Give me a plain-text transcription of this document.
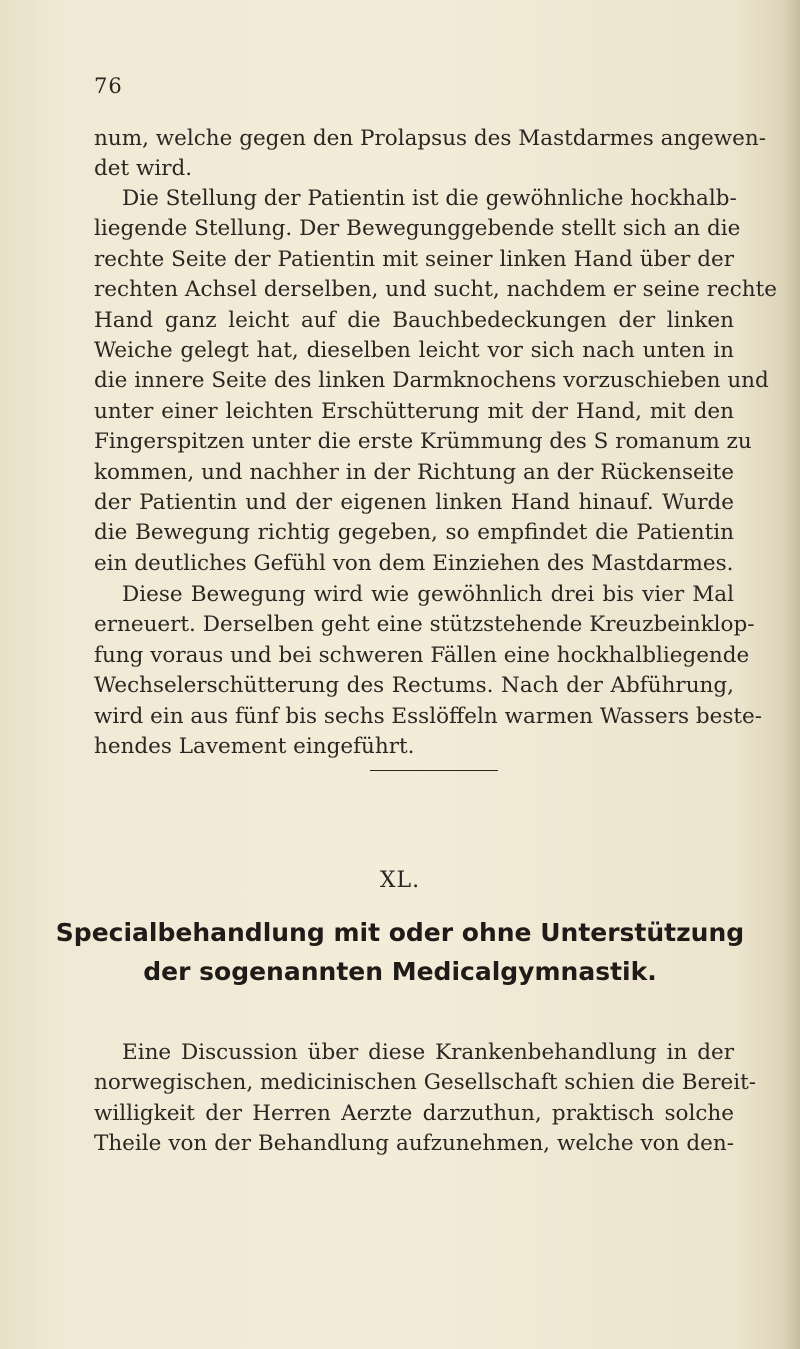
76
num, welche gegen den Prolapsus des Mastdarmes angewen-
det wird.
Die Stellung der Patientin ist die gewöhnliche hockhalb-
liegende Stellung. Der Bewegunggebende stellt sich an die
rechte Seite der Patientin mit seiner linken Hand über der
rechten Achsel derselben, und sucht, nachdem er seine rechte
Hand ganz leicht auf die Bauchbedeckungen der linken
Weiche gelegt hat, dieselben leicht vor sich nach unten in
die innere Seite des linken Darmknochens vorzuschieben und
unter einer leichten Erschütterung mit der Hand, mit den
Fingerspitzen unter die erste Krümmung des S romanum zu
kommen, und nachher in der Richtung an der Rückenseite
der Patientin und der eigenen linken Hand hinauf. Wurde
die Bewegung richtig gegeben, so empfindet die Patientin
ein deutliches Gefühl von dem Einziehen des Mastdarmes.
Diese Bewegung wird wie gewöhnlich drei bis vier Mal
erneuert. Derselben geht eine stützstehende Kreuzbeinklop-
fung voraus und bei schweren Fällen eine hockhalbliegende
Wechselerschütterung des Rectums. Nach der Abführung,
wird ein aus fünf bis sechs Esslöffeln warmen Wassers beste-
hendes Lavement eingeführt.
XL.
Specialbehandlung mit oder ohne Unterstützung
der sogenannten Medicalgymnastik.
Eine Discussion über diese Krankenbehandlung in der
norwegischen, medicinischen Gesellschaft schien die Bereit-
willigkeit der Herren Aerzte darzuthun, praktisch solche
Theile von der Behandlung aufzunehmen, welche von den-
